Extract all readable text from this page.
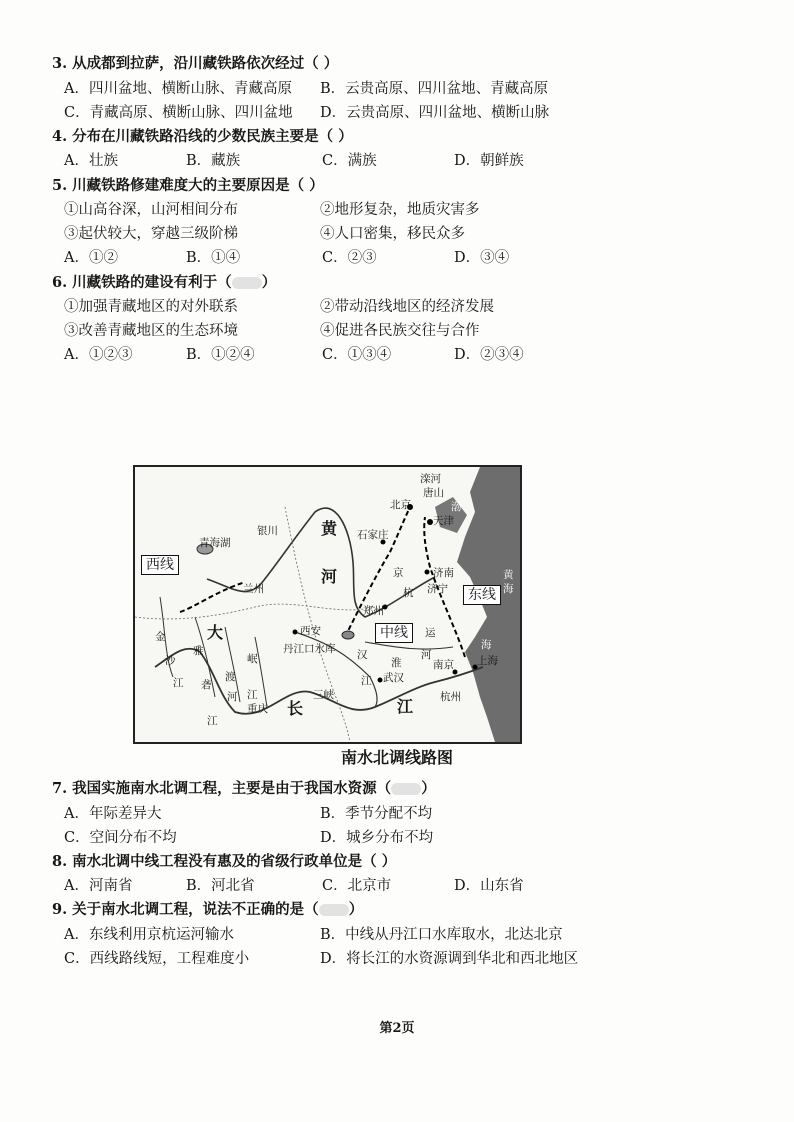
3. 从成都到拉萨，沿川藏铁路依次经过（ ）
A．四川盆地、横断山脉、青藏高原 B．云贵高原、四川盆地、青藏高原
C．青藏高原、横断山脉、四川盆地 D．云贵高原、四川盆地、横断山脉
4. 分布在川藏铁路沿线的少数民族主要是（ ）
A．壮族	B．藏族	C．满族	D．朝鲜族
5. 川藏铁路修建难度大的主要原因是（ ）
①山高谷深，山河相间分布	②地形复杂，地质灾害多
③起伏较大，穿越三级阶梯	④人口密集，移民众多
A．①②	B．①④	C．②③	D．③④
6. 川藏铁路的建设有利于（ ）
①加强青藏地区的对外联系	②带动沿线地区的经济发展
③改善青藏地区的生态环境	④促进各民族交往与合作
A．①②③	B．①②④	C．①③④	D．②③④
西线
中线
东线
青海湖
银川
兰州
西安
北京
天津
唐山
滦河
石家庄
济南
济宁
郑州
丹江口水库
武汉
南京 上海
杭州
重庆
三峡
黄
河	京
杭
运
淮
河
汉
江
长	江
金
沙
江
大
渡
河
雅
砻
江
岷
江
黄
海
海
渤
南水北调线路图
7. 我国实施南水北调工程，主要是由于我国水资源（ ）
A．年际差异大	B．季节分配不均
C．空间分布不均	D．城乡分布不均
8. 南水北调中线工程没有惠及的省级行政单位是（ ）
A．河南省	B．河北省	C．北京市	D．山东省
9. 关于南水北调工程，说法不正确的是（ ）
A．东线利用京杭运河输水	B．中线从丹江口水库取水，北达北京
C．西线路线短，工程难度小	D．将长江的水资源调到华北和西北地区
第2页
